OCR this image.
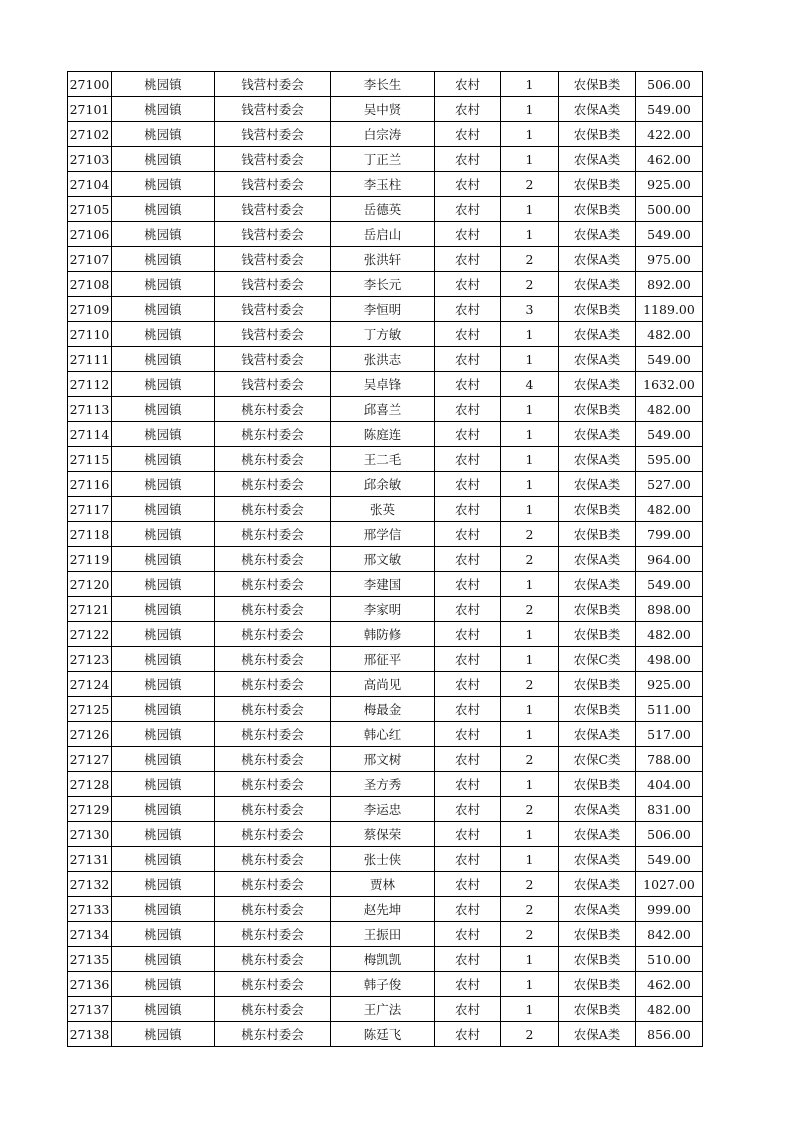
27100	桃园镇	钱营村委会	李长生	农村	1	农保B类	506.00
27101	桃园镇	钱营村委会	吴中贤	农村	1	农保A类	549.00
27102	桃园镇	钱营村委会	白宗涛	农村	1	农保B类	422.00
27103	桃园镇	钱营村委会	丁正兰	农村	1	农保A类	462.00
27104	桃园镇	钱营村委会	李玉柱	农村	2	农保B类	925.00
27105	桃园镇	钱营村委会	岳德英	农村	1	农保B类	500.00
27106	桃园镇	钱营村委会	岳启山	农村	1	农保A类	549.00
27107	桃园镇	钱营村委会	张洪轩	农村	2	农保A类	975.00
27108	桃园镇	钱营村委会	李长元	农村	2	农保A类	892.00
27109	桃园镇	钱营村委会	李恒明	农村	3	农保B类	1189.00
27110	桃园镇	钱营村委会	丁方敏	农村	1	农保A类	482.00
27111	桃园镇	钱营村委会	张洪志	农村	1	农保A类	549.00
27112	桃园镇	钱营村委会	吴卓锋	农村	4	农保A类	1632.00
27113	桃园镇	桃东村委会	邱喜兰	农村	1	农保B类	482.00
27114	桃园镇	桃东村委会	陈庭连	农村	1	农保A类	549.00
27115	桃园镇	桃东村委会	王二毛	农村	1	农保A类	595.00
27116	桃园镇	桃东村委会	邱余敏	农村	1	农保A类	527.00
27117	桃园镇	桃东村委会	张英	农村	1	农保B类	482.00
27118	桃园镇	桃东村委会	邢学信	农村	2	农保B类	799.00
27119	桃园镇	桃东村委会	邢文敏	农村	2	农保A类	964.00
27120	桃园镇	桃东村委会	李建国	农村	1	农保A类	549.00
27121	桃园镇	桃东村委会	李家明	农村	2	农保B类	898.00
27122	桃园镇	桃东村委会	韩防修	农村	1	农保B类	482.00
27123	桃园镇	桃东村委会	邢征平	农村	1	农保C类	498.00
27124	桃园镇	桃东村委会	高尚见	农村	2	农保B类	925.00
27125	桃园镇	桃东村委会	梅最金	农村	1	农保B类	511.00
27126	桃园镇	桃东村委会	韩心红	农村	1	农保A类	517.00
27127	桃园镇	桃东村委会	邢文树	农村	2	农保C类	788.00
27128	桃园镇	桃东村委会	圣方秀	农村	1	农保B类	404.00
27129	桃园镇	桃东村委会	李运忠	农村	2	农保A类	831.00
27130	桃园镇	桃东村委会	蔡保荣	农村	1	农保A类	506.00
27131	桃园镇	桃东村委会	张士侠	农村	1	农保A类	549.00
27132	桃园镇	桃东村委会	贾林	农村	2	农保A类	1027.00
27133	桃园镇	桃东村委会	赵先坤	农村	2	农保A类	999.00
27134	桃园镇	桃东村委会	王振田	农村	2	农保B类	842.00
27135	桃园镇	桃东村委会	梅凯凯	农村	1	农保B类	510.00
27136	桃园镇	桃东村委会	韩子俊	农村	1	农保B类	462.00
27137	桃园镇	桃东村委会	王广法	农村	1	农保B类	482.00
27138	桃园镇	桃东村委会	陈廷飞	农村	2	农保A类	856.00
